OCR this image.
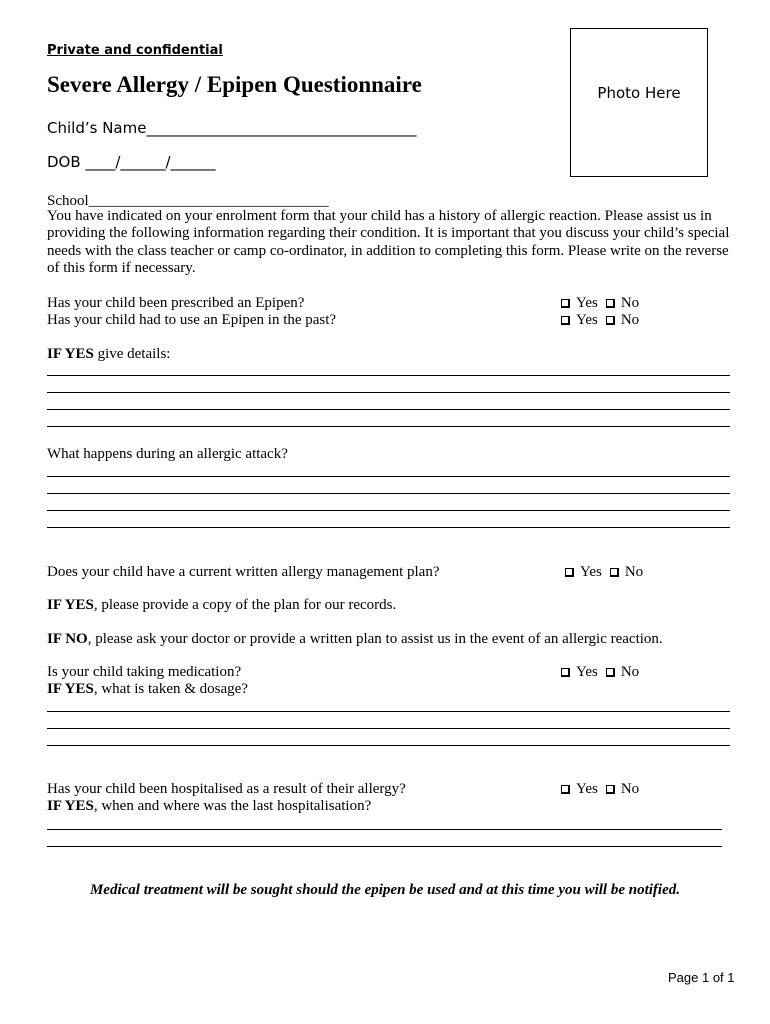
Private and confidential
Severe Allergy / Epipen Questionnaire	Photo Here
Child’s Name____________________________________
DOB ____/______/______
School________________________________
You have indicated on your enrolment form that your child has a history of allergic reaction. Please assist us in providing the following information regarding their condition. It is important that you discuss your child’s special needs with the class teacher or camp co-ordinator, in addition to completing this form. Please write on the reverse of this form if necessary.
Has your child been prescribed an Epipen?	Yes No
Has your child had to use an Epipen in the past?	Yes No
IF YES give details:
What happens during an allergic attack?
Does your child have a current written allergy management plan?	Yes No
IF YES, please provide a copy of the plan for our records.
IF NO, please ask your doctor or provide a written plan to assist us in the event of an allergic reaction.
Is your child taking medication?	Yes No
IF YES, what is taken & dosage?
Has your child been hospitalised as a result of their allergy?	Yes No
IF YES, when and where was the last hospitalisation?
Medical treatment will be sought should the epipen be used and at this time you will be notified.
Page 1 of 1
